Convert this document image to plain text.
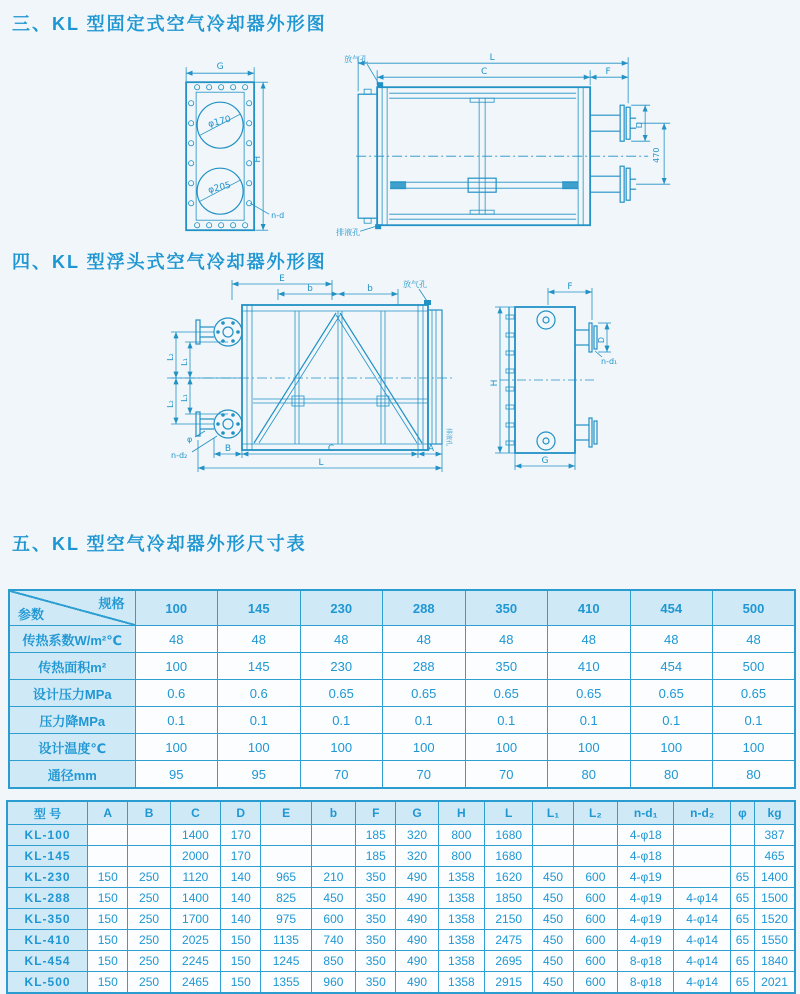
三、KL 型固定式空气冷却器外形图
φ170
φ205
G
H
n-d
L
C	F
D
470
放气孔
排液孔
四、KL 型浮头式空气冷却器外形图
E
b	b	放气孔
排液孔
L₂
L₁
L₁
L₂
φ
n-d₂
B	C	A
L
D
n-d₁
F
H
G
五、KL 型空气冷却器外形尺寸表
规格
参数	100	145	230	288	350	410	454	500
传热系数W/m²℃	48	48	48	48	48	48	48	48
传热面积m²	100	145	230	288	350	410	454	500
设计压力MPa	0.6	0.6	0.65	0.65	0.65	0.65	0.65	0.65
压力降MPa	0.1	0.1	0.1	0.1	0.1	0.1	0.1	0.1
设计温度℃	100	100	100	100	100	100	100	100
通径mm	95	95	70	70	70	80	80	80
型 号	A	B	C	D	E	b	F	G	H	L	L₁	L₂	n-d₁	n-d₂	φ	kg
KL-100			1400	170			185	320	800	1680			4-φ18			387
KL-145			2000	170			185	320	800	1680			4-φ18			465
KL-230	150	250	1120	140	965	210	350	490	1358	1620	450	600	4-φ19		65	1400
KL-288	150	250	1400	140	825	450	350	490	1358	1850	450	600	4-φ19	4-φ14	65	1500
KL-350	150	250	1700	140	975	600	350	490	1358	2150	450	600	4-φ19	4-φ14	65	1520
KL-410	150	250	2025	150	1135	740	350	490	1358	2475	450	600	4-φ19	4-φ14	65	1550
KL-454	150	250	2245	150	1245	850	350	490	1358	2695	450	600	8-φ18	4-φ14	65	1840
KL-500	150	250	2465	150	1355	960	350	490	1358	2915	450	600	8-φ18	4-φ14	65	2021
